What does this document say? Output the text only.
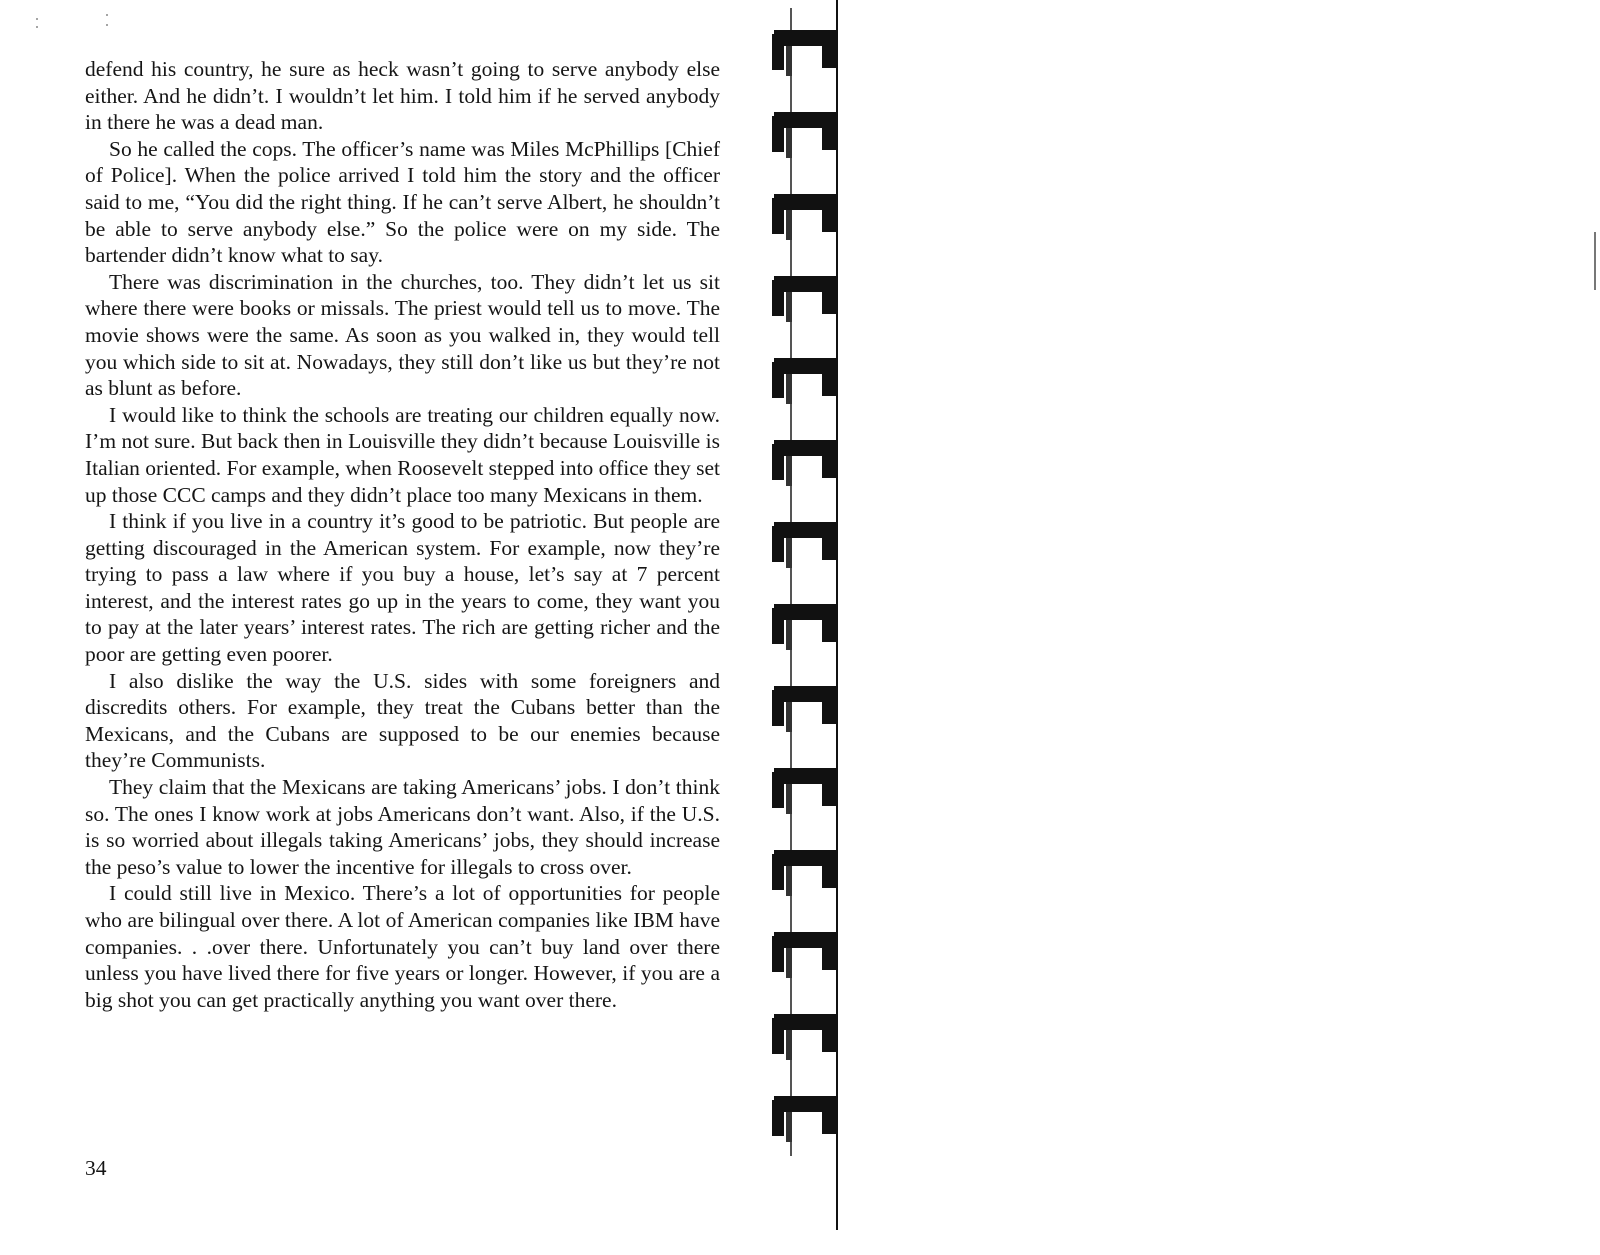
defend his country, he sure as heck wasn’t going to serve anybody else either. And he didn’t. I wouldn’t let him. I told him if he served anybody in there he was a dead man.

So he called the cops. The officer’s name was Miles McPhillips [Chief of Police]. When the police arrived I told him the story and the officer said to me, “You did the right thing. If he can’t serve Albert, he shouldn’t be able to serve anybody else.” So the police were on my side. The bartender didn’t know what to say.

There was discrimination in the churches, too. They didn’t let us sit where there were books or missals. The priest would tell us to move. The movie shows were the same. As soon as you walked in, they would tell you which side to sit at. Nowadays, they still don’t like us but they’re not as blunt as before.

I would like to think the schools are treating our children equally now. I’m not sure. But back then in Louisville they didn’t because Louisville is Italian oriented. For example, when Roosevelt stepped into office they set up those CCC camps and they didn’t place too many Mexicans in them.

I think if you live in a country it’s good to be patriotic. But people are getting discouraged in the American system. For example, now they’re trying to pass a law where if you buy a house, let’s say at 7 percent interest, and the interest rates go up in the years to come, they want you to pay at the later years’ interest rates. The rich are getting richer and the poor are getting even poorer.

I also dislike the way the U.S. sides with some foreigners and discredits others. For example, they treat the Cubans better than the Mexicans, and the Cubans are supposed to be our enemies because they’re Communists.

They claim that the Mexicans are taking Americans’ jobs. I don’t think so. The ones I know work at jobs Americans don’t want. Also, if the U.S. is so worried about illegals taking Americans’ jobs, they should increase the peso’s value to lower the incentive for illegals to cross over.

I could still live in Mexico. There’s a lot of opportunities for people who are bilingual over there. A lot of American companies like IBM have companies. . .over there. Unfortunately you can’t buy land over there unless you have lived there for five years or longer. However, if you are a big shot you can get practically anything you want over there.

34
